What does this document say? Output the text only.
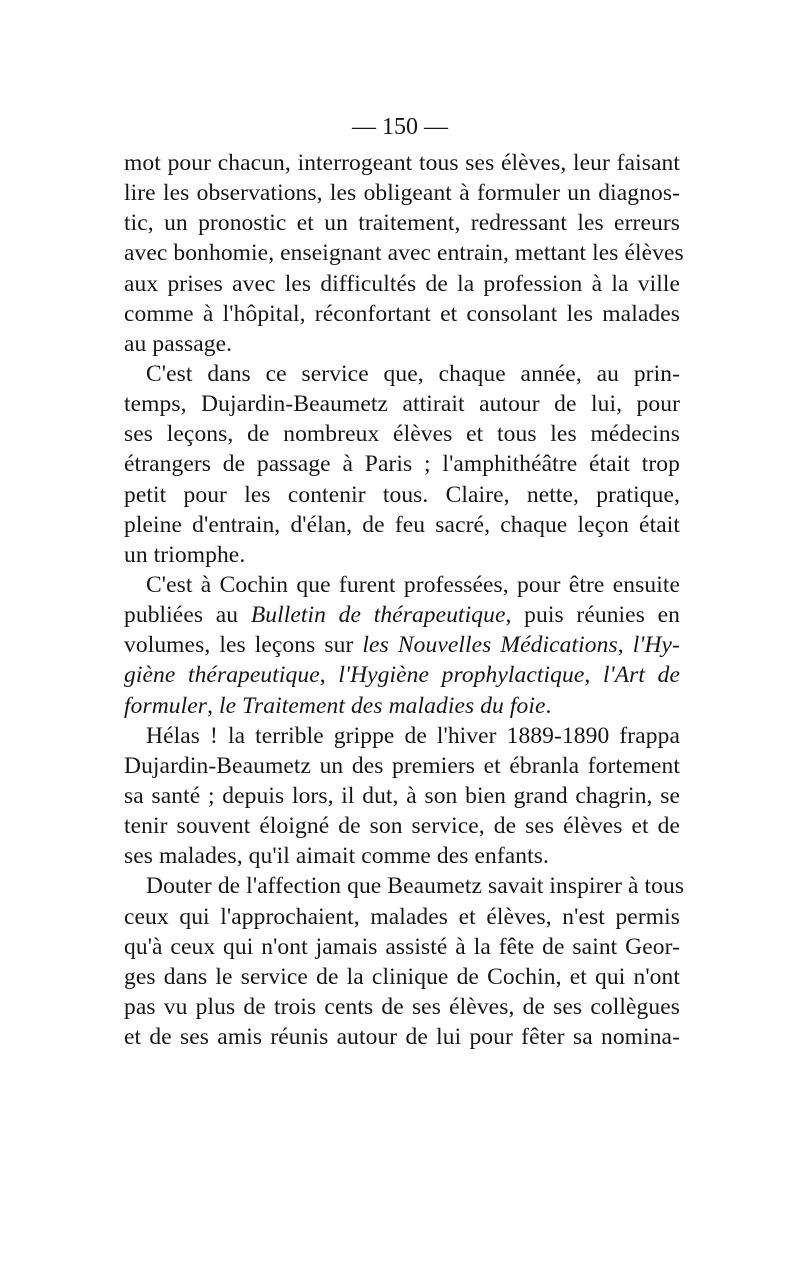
— 150 —
mot pour chacun, interrogeant tous ses élèves, leur faisant
lire les observations, les obligeant à formuler un diagnos-
tic, un pronostic et un traitement, redressant les erreurs
avec bonhomie, enseignant avec entrain, mettant les élèves
aux prises avec les difficultés de la profession à la ville
comme à l'hôpital, réconfortant et consolant les malades
au passage.
C'est dans ce service que, chaque année, au prin-
temps, Dujardin-Beaumetz attirait autour de lui, pour
ses leçons, de nombreux élèves et tous les médecins
étrangers de passage à Paris ; l'amphithéâtre était trop
petit pour les contenir tous. Claire, nette, pratique,
pleine d'entrain, d'élan, de feu sacré, chaque leçon était
un triomphe.
C'est à Cochin que furent professées, pour être ensuite
publiées au Bulletin de thérapeutique, puis réunies en
volumes, les leçons sur les Nouvelles Médications, l'Hy-
giène thérapeutique, l'Hygiène prophylactique, l'Art de
formuler, le Traitement des maladies du foie.
Hélas ! la terrible grippe de l'hiver 1889-1890 frappa
Dujardin-Beaumetz un des premiers et ébranla fortement
sa santé ; depuis lors, il dut, à son bien grand chagrin, se
tenir souvent éloigné de son service, de ses élèves et de
ses malades, qu'il aimait comme des enfants.
Douter de l'affection que Beaumetz savait inspirer à tous
ceux qui l'approchaient, malades et élèves, n'est permis
qu'à ceux qui n'ont jamais assisté à la fête de saint Geor-
ges dans le service de la clinique de Cochin, et qui n'ont
pas vu plus de trois cents de ses élèves, de ses collègues
et de ses amis réunis autour de lui pour fêter sa nomina-
